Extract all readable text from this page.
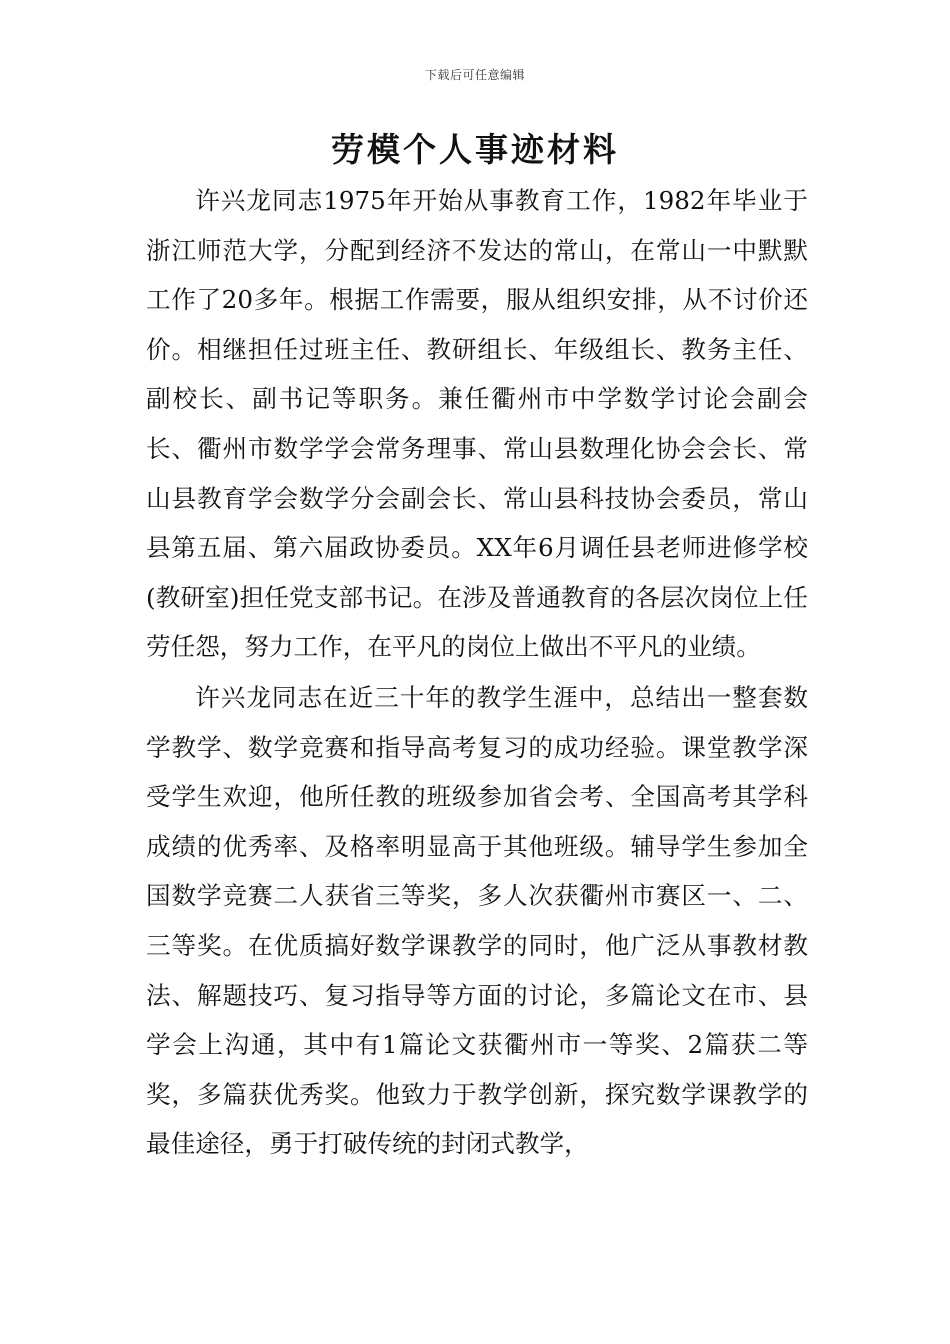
下载后可任意编辑
劳模个人事迹材料

许兴龙同志1975年开始从事教育工作，1982年毕业于浙江师范大学，分配到经济不发达的常山，在常山一中默默工作了20多年。根据工作需要，服从组织安排，从不讨价还价。相继担任过班主任、教研组长、年级组长、教务主任、副校长、副书记等职务。兼任衢州市中学数学讨论会副会长、衢州市数学学会常务理事、常山县数理化协会会长、常山县教育学会数学分会副会长、常山县科技协会委员，常山县第五届、第六届政协委员。XX年6月调任县老师进修学校(教研室)担任党支部书记。在涉及普通教育的各层次岗位上任劳任怨，努力工作，在平凡的岗位上做出不平凡的业绩。

许兴龙同志在近三十年的教学生涯中，总结出一整套数学教学、数学竞赛和指导高考复习的成功经验。课堂教学深受学生欢迎，他所任教的班级参加省会考、全国高考其学科成绩的优秀率、及格率明显高于其他班级。辅导学生参加全国数学竞赛二人获省三等奖，多人次获衢州市赛区一、二、三等奖。在优质搞好数学课教学的同时，他广泛从事教材教法、解题技巧、复习指导等方面的讨论，多篇论文在市、县学会上沟通，其中有1篇论文获衢州市一等奖、2篇获二等奖，多篇获优秀奖。他致力于教学创新，探究数学课教学的最佳途径，勇于打破传统的封闭式教学，
